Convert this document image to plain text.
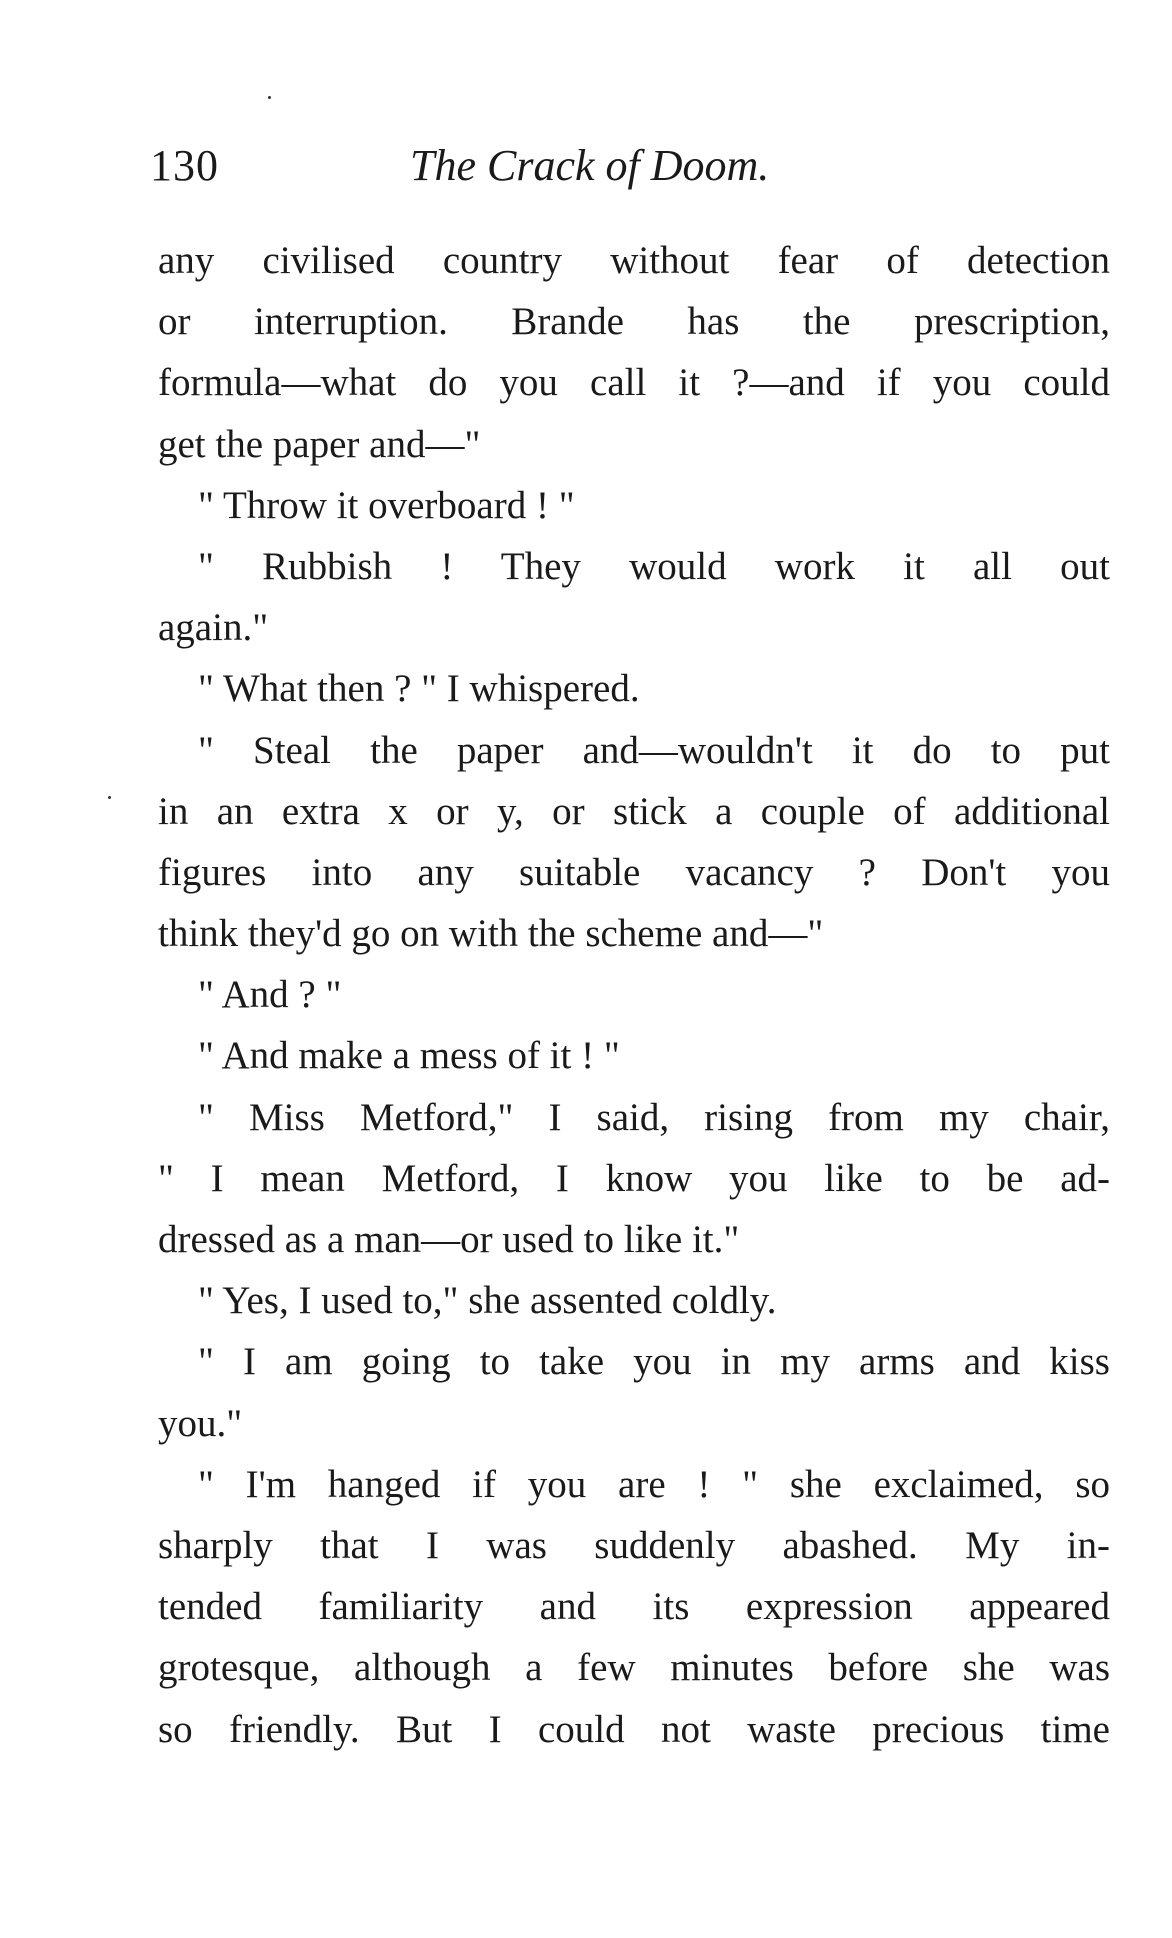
130	The Crack of Doom.
any civilised country without fear of detection
or interruption. Brande has the prescription,
formula—what do you call it ?—and if you could
get the paper and—"
" Throw it overboard ! "
" Rubbish ! They would work it all out
again."
" What then ? " I whispered.
" Steal the paper and—wouldn't it do to put
in an extra x or y, or stick a couple of additional
figures into any suitable vacancy ? Don't you
think they'd go on with the scheme and—"
" And ? "
" And make a mess of it ! "
" Miss Metford," I said, rising from my chair,
" I mean Metford, I know you like to be ad-
dressed as a man—or used to like it."
" Yes, I used to," she assented coldly.
" I am going to take you in my arms and kiss
you."
" I'm hanged if you are ! " she exclaimed, so
sharply that I was suddenly abashed. My in-
tended familiarity and its expression appeared
grotesque, although a few minutes before she was
so friendly. But I could not waste precious time
